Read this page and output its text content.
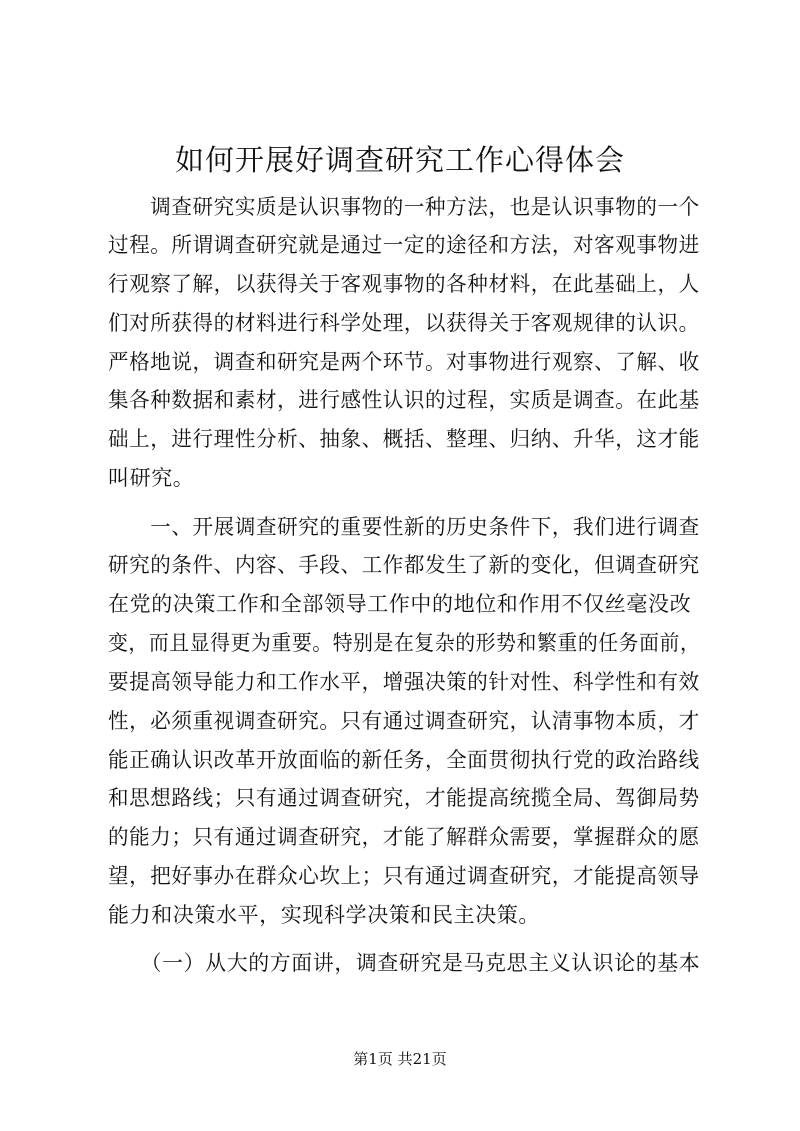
如何开展好调查研究工作心得体会

　　调查研究实质是认识事物的一种方法，也是认识事物的一个

过程。所谓调查研究就是通过一定的途径和方法，对客观事物进

行观察了解，以获得关于客观事物的各种材料，在此基础上，人

们对所获得的材料进行科学处理，以获得关于客观规律的认识。

严格地说，调查和研究是两个环节。对事物进行观察、了解、收

集各种数据和素材，进行感性认识的过程，实质是调查。在此基

础上，进行理性分析、抽象、概括、整理、归纳、升华，这才能

叫研究。

　　一、开展调查研究的重要性新的历史条件下，我们进行调查

研究的条件、内容、手段、工作都发生了新的变化，但调查研究

在党的决策工作和全部领导工作中的地位和作用不仅丝毫没改

变，而且显得更为重要。特别是在复杂的形势和繁重的任务面前，

要提高领导能力和工作水平，增强决策的针对性、科学性和有效

性，必须重视调查研究。只有通过调查研究，认清事物本质，才

能正确认识改革开放面临的新任务，全面贯彻执行党的政治路线

和思想路线；只有通过调查研究，才能提高统揽全局、驾御局势

的能力；只有通过调查研究，才能了解群众需要，掌握群众的愿

望，把好事办在群众心坎上；只有通过调查研究，才能提高领导

能力和决策水平，实现科学决策和民主决策。

　　（一）从大的方面讲，调查研究是马克思主义认识论的基本

第1页 共21页
